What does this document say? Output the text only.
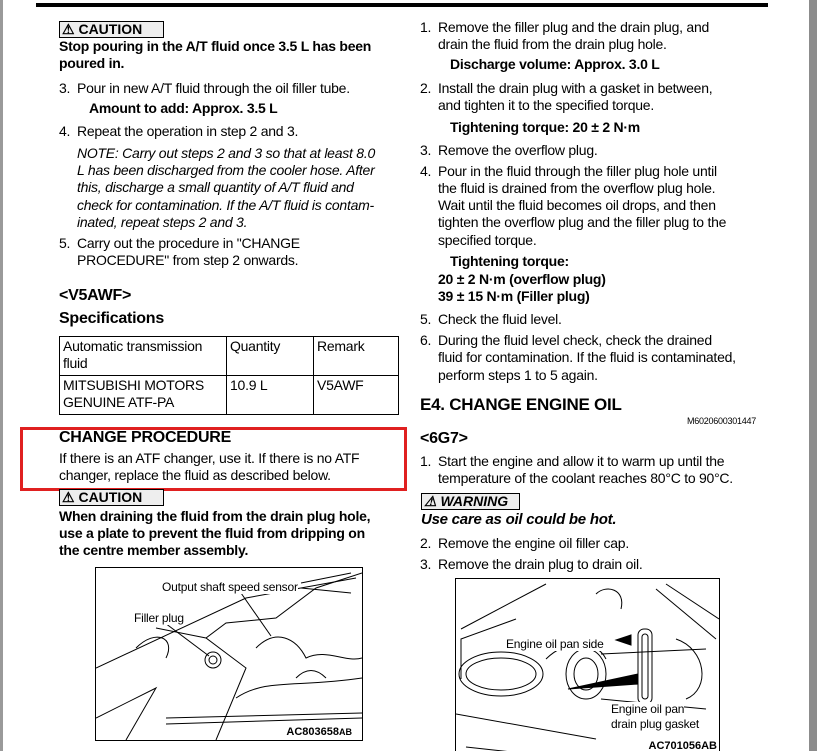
⚠ CAUTION
Stop pouring in the A/T fluid once 3.5 L has been
poured in.
3. Pour in new A/T fluid through the oil filler tube.
Amount to add: Approx. 3.5 L
4. Repeat the operation in step 2 and 3.
NOTE: Carry out steps 2 and 3 so that at least 8.0
L has been discharged from the cooler hose. After
this, discharge a small quantity of A/T fluid and
check for contamination. If the A/T fluid is contam-
inated, repeat steps 2 and 3.
5. Carry out the procedure in "CHANGE
PROCEDURE" from step 2 onwards.
<V5AWF>
Specifications
Automatic transmission fluid	Quantity	Remark
MITSUBISHI MOTORS GENUINE ATF-PA	10.9 L	V5AWF
CHANGE PROCEDURE
If there is an ATF changer, use it. If there is no ATF
changer, replace the fluid as described below.
⚠ CAUTION
When draining the fluid from the drain plug hole,
use a plate to prevent the fluid from dripping on
the centre member assembly.
Output shaft speed sensor
Filler plug
AC803658AB
1. Remove the filler plug and the drain plug, and
drain the fluid from the drain plug hole.
Discharge volume: Approx. 3.0 L
2. Install the drain plug with a gasket in between,
and tighten it to the specified torque.
Tightening torque: 20 ± 2 N·m
3. Remove the overflow plug.
4. Pour in the fluid through the filler plug hole until
the fluid is drained from the overflow plug hole.
Wait until the fluid becomes oil drops, and then
tighten the overflow plug and the filler plug to the
specified torque.
Tightening torque:
20 ± 2 N·m (overflow plug)
39 ± 15 N·m (Filler plug)
5. Check the fluid level.
6. During the fluid level check, check the drained
fluid for contamination. If the fluid is contaminated,
perform steps 1 to 5 again.
E4. CHANGE ENGINE OIL
M6020600301447
<6G7>
1. Start the engine and allow it to warm up until the
temperature of the coolant reaches 80°C to 90°C.
⚠ WARNING
Use care as oil could be hot.
2. Remove the engine oil filler cap.
3. Remove the drain plug to drain oil.
Engine oil pan side
Engine oil pan
drain plug gasket
AC701056AB
